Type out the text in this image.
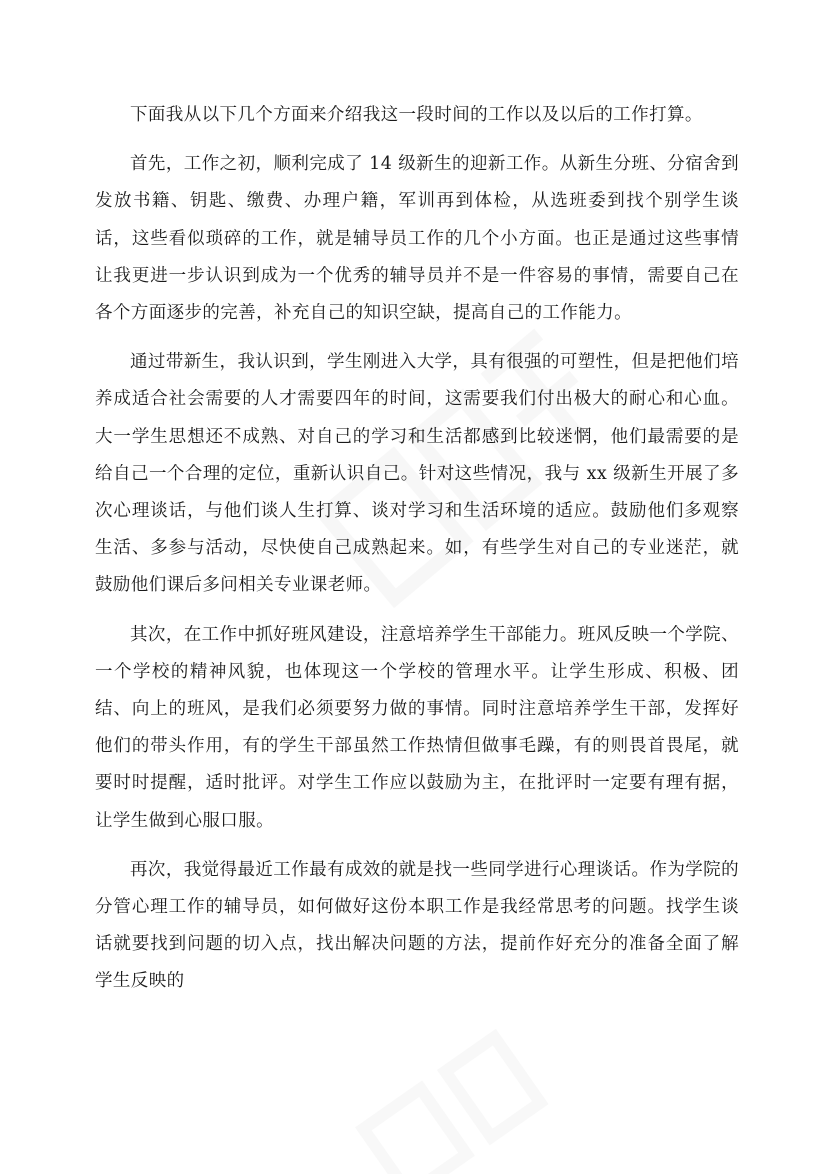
下面我从以下几个方面来介绍我这一段时间的工作以及以后的工作打算。

首先，工作之初，顺利完成了 14 级新生的迎新工作。从新生分班、分宿舍到发放书籍、钥匙、缴费、办理户籍，军训再到体检，从选班委到找个别学生谈话，这些看似琐碎的工作，就是辅导员工作的几个小方面。也正是通过这些事情让我更进一步认识到成为一个优秀的辅导员并不是一件容易的事情，需要自己在各个方面逐步的完善，补充自己的知识空缺，提高自己的工作能力。

通过带新生，我认识到，学生刚进入大学，具有很强的可塑性，但是把他们培养成适合社会需要的人才需要四年的时间，这需要我们付出极大的耐心和心血。大一学生思想还不成熟、对自己的学习和生活都感到比较迷惘，他们最需要的是给自己一个合理的定位，重新认识自己。针对这些情况，我与 xx 级新生开展了多次心理谈话，与他们谈人生打算、谈对学习和生活环境的适应。鼓励他们多观察生活、多参与活动，尽快使自己成熟起来。如，有些学生对自己的专业迷茫，就鼓励他们课后多问相关专业课老师。

其次，在工作中抓好班风建设，注意培养学生干部能力。班风反映一个学院、一个学校的精神风貌，也体现这一个学校的管理水平。让学生形成、积极、团结、向上的班风，是我们必须要努力做的事情。同时注意培养学生干部，发挥好他们的带头作用，有的学生干部虽然工作热情但做事毛躁，有的则畏首畏尾，就要时时提醒，适时批评。对学生工作应以鼓励为主，在批评时一定要有理有据，让学生做到心服口服。

再次，我觉得最近工作最有成效的就是找一些同学进行心理谈话。作为学院的分管心理工作的辅导员，如何做好这份本职工作是我经常思考的问题。找学生谈话就要找到问题的切入点，找出解决问题的方法，提前作好充分的准备全面了解学生反映的
